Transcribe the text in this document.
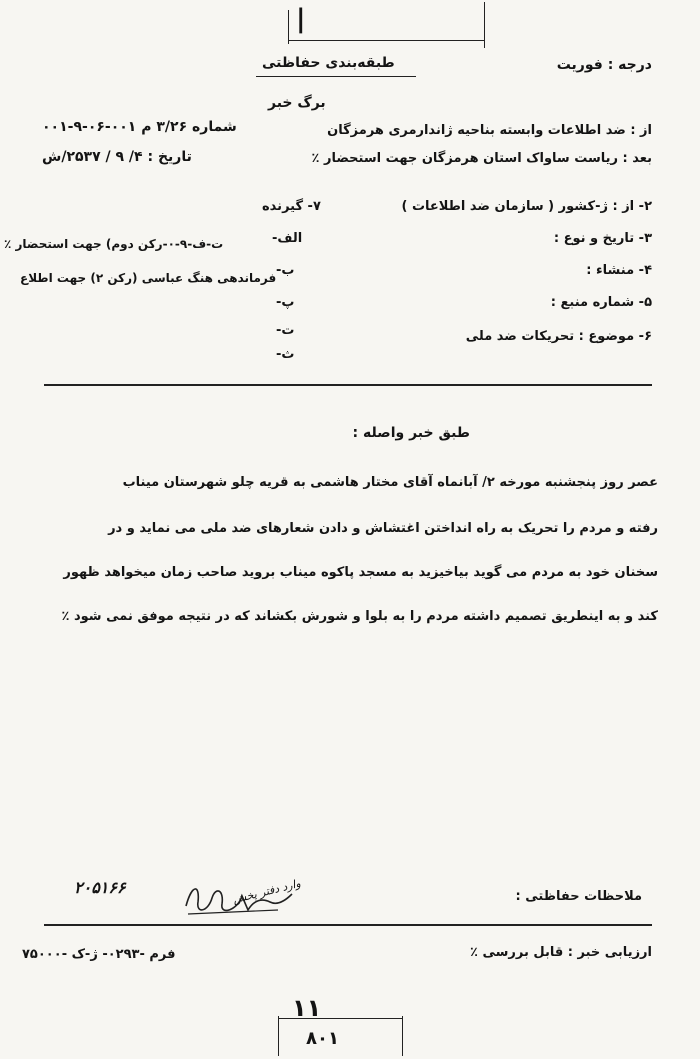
|
درجه : فوریت
طبقه‌بندی حفاظتی
برگ خبر
از : ضد اطلاعات وابسته بناحیه ژاندارمری هرمزگان
شماره ۳/۲۶ م ۰۰۱-۰۶-۹-۰۰۱
بعد : ریاست ساواک استان هرمزگان جهت استحضار ٪
تاریخ : ۴/ ۹ / ۲۵۳۷/ش
۲- از : ژ-کشور ( سازمان ضد اطلاعات )
۳- تاریخ و نوع :
۴- منشاء :
۵- شماره منبع :
۶- موضوع : تحریکات ضد ملی
۷- گیرنده
الف-
ت-ف-۹-۰-رکن دوم) جهت استحضار ٪
ب-
فرماندهی هنگ عباسی (رکن ۲) جهت اطلاع
پ-
ت-
ث-
طبق خبر واصله :
عصر روز پنجشنبه مورخه ۲/ آبانماه آقای مختار هاشمی به قریه چلو شهرستان میناب
رفته و مردم را تحریک به راه انداختن اغتشاش و دادن شعارهای ضد ملی می نماید و در
سخنان خود به مردم می گوید بیاخیزید به مسجد پاکوه میناب بروید صاحب زمان میخواهد ظهور
کند و به اینطریق تصمیم داشته مردم را به بلوا و شورش بکشاند که در نتیجه موفق نمی شود ٪
۲۰۵۱۶۶	وارد دفتر پخش	ملاحظات حفاظتی :
فرم -۰۲۹۳- ژ-ک -۷۵۰۰۰	ارزیابی خبر : قابل بررسی ٪
۱۱
۸۰۱
